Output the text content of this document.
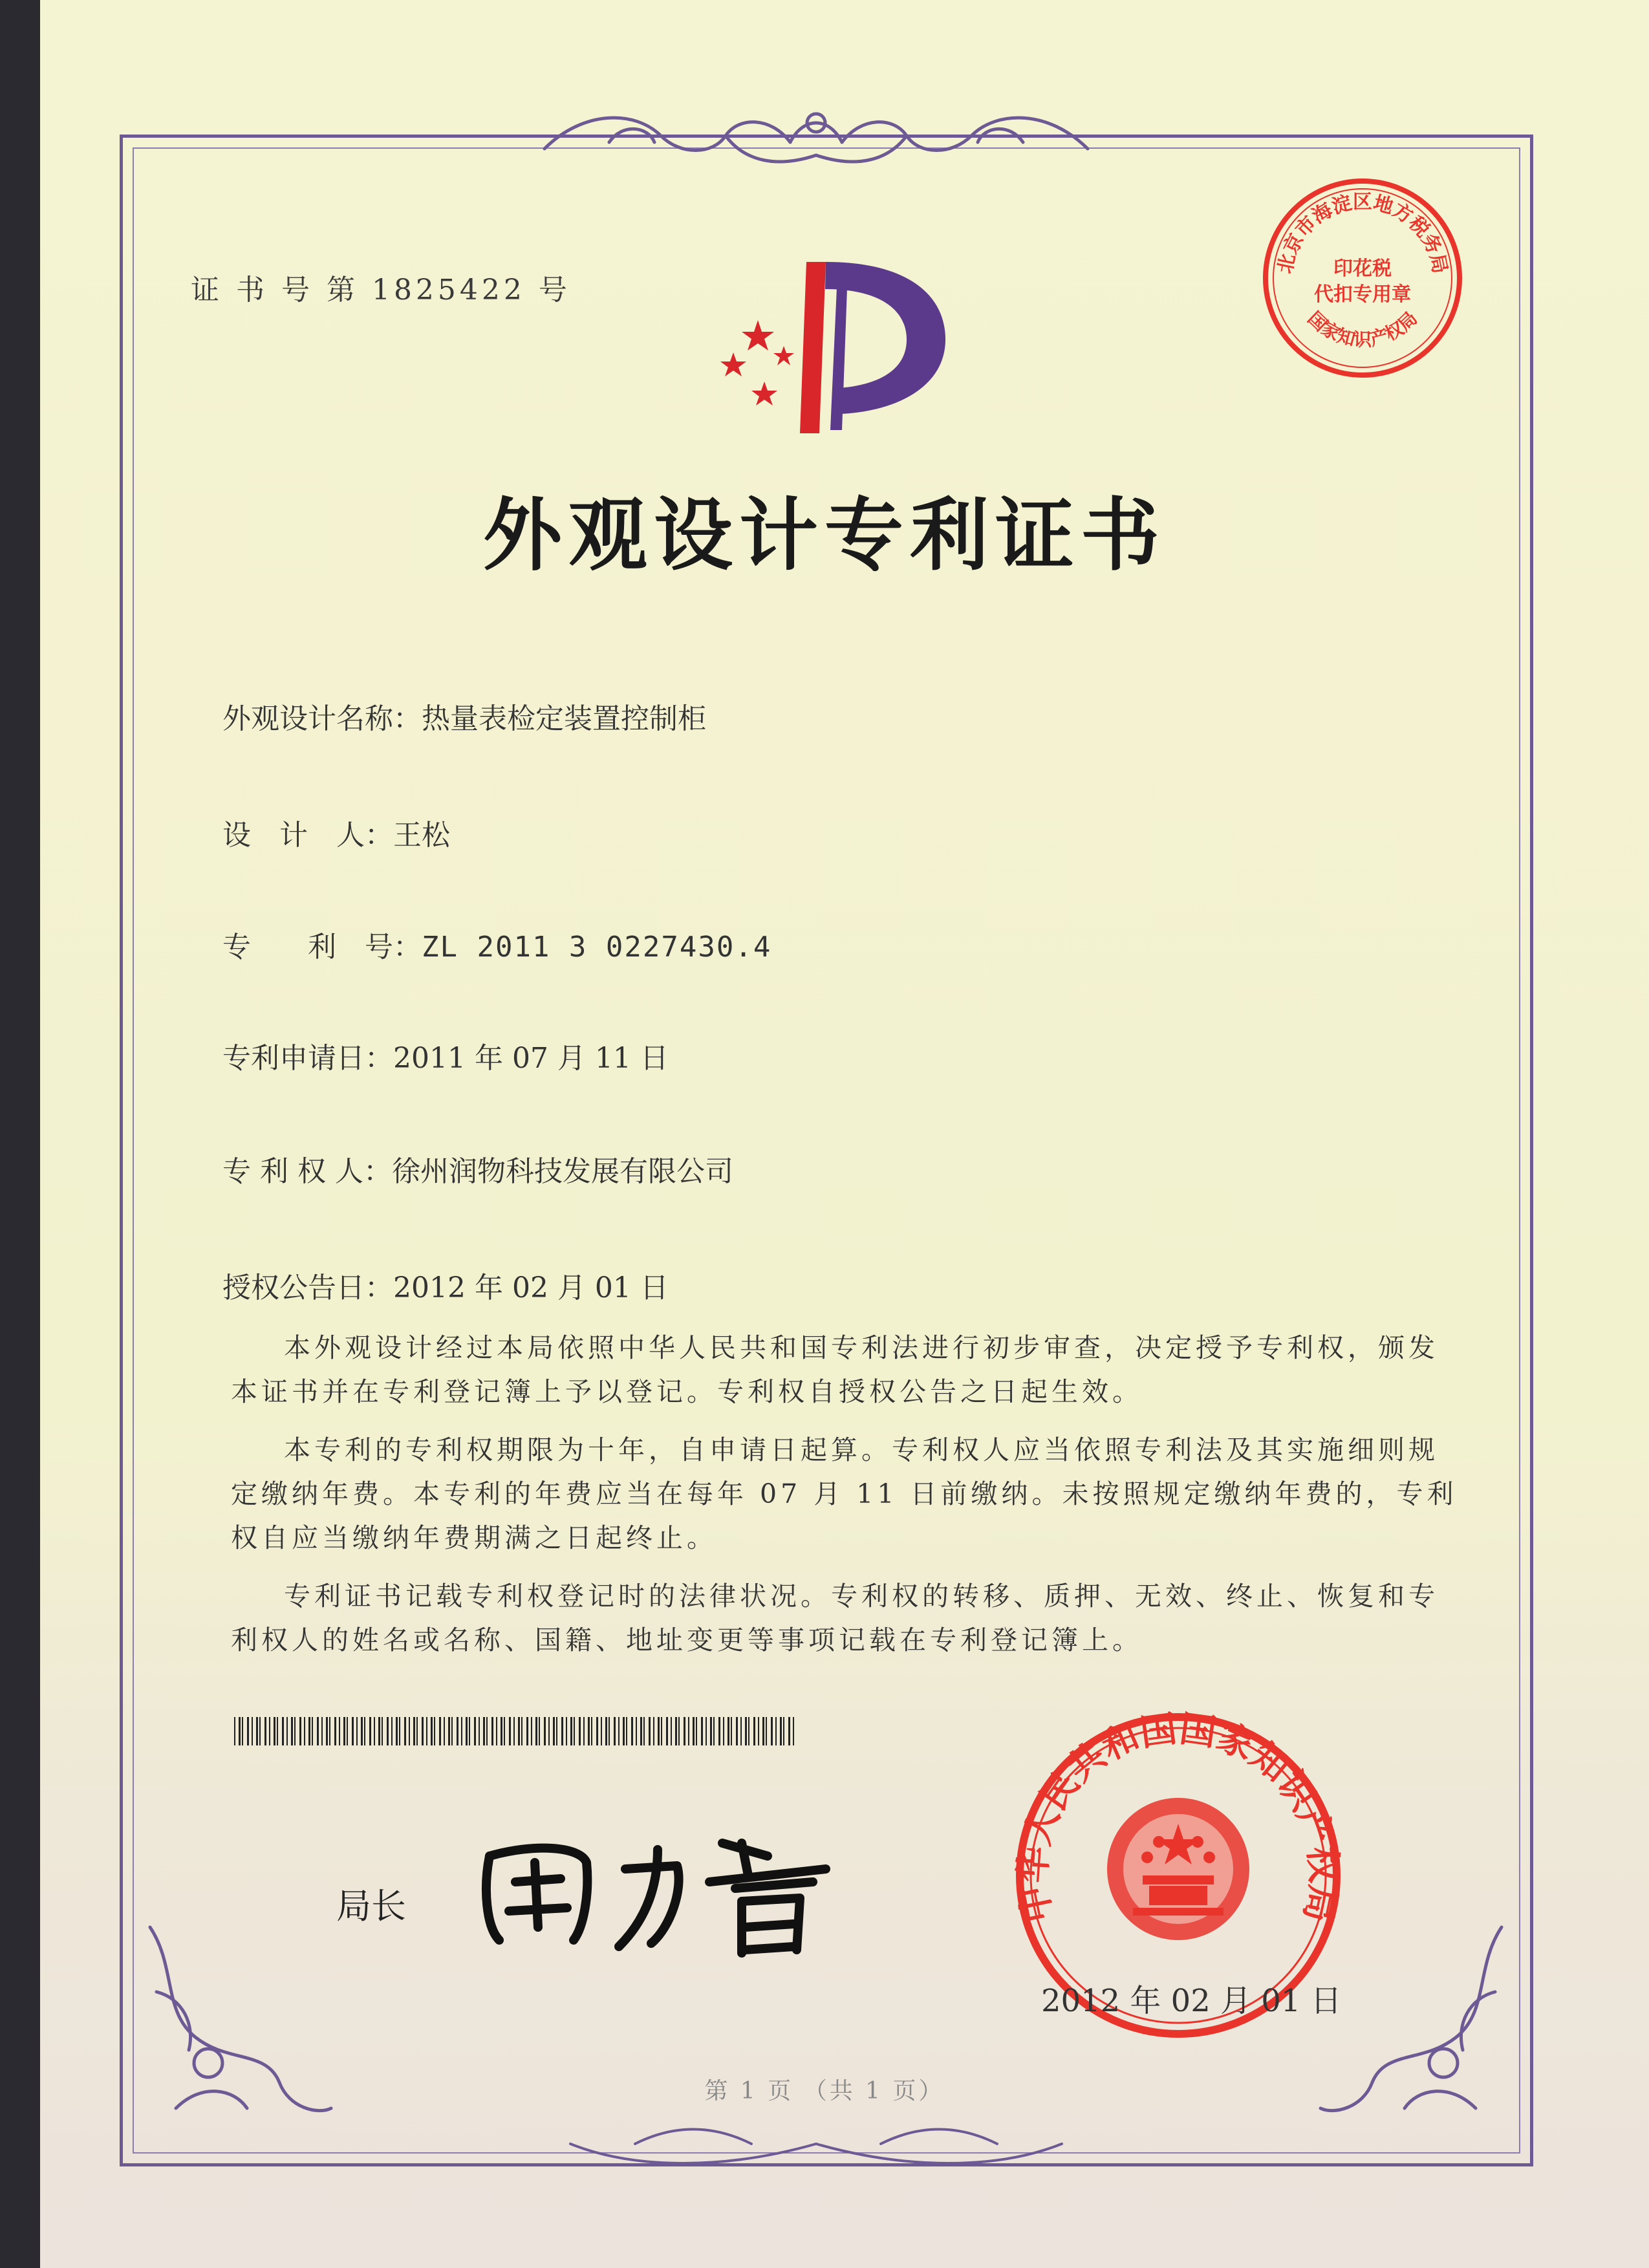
证 书 号 第 1825422 号
北京市海淀区地方税务局
印花税
代扣专用章
国家知识产权局
外观设计专利证书
外观设计名称：热量表检定装置控制柜
设　计　人：王松
专　　利　号：ZL 2011 3 0227430.4
专利申请日：2011 年 07 月 11 日
专 利 权 人：徐州润物科技发展有限公司
授权公告日：2012 年 02 月 01 日

本外观设计经过本局依照中华人民共和国专利法进行初步审查，决定授予专利权，颁发本证书并在专利登记簿上予以登记。专利权自授权公告之日起生效。

本专利的专利权期限为十年，自申请日起算。专利权人应当依照专利法及其实施细则规定缴纳年费。本专利的年费应当在每年 07 月 11 日前缴纳。未按照规定缴纳年费的，专利权自应当缴纳年费期满之日起终止。

专利证书记载专利权登记时的法律状况。专利权的转移、质押、无效、终止、恢复和专利权人的姓名或名称、国籍、地址变更等事项记载在专利登记簿上。

局长	中华人民共和国国家知识产权局
2012 年 02 月 01 日
第 1 页 （共 1 页）
